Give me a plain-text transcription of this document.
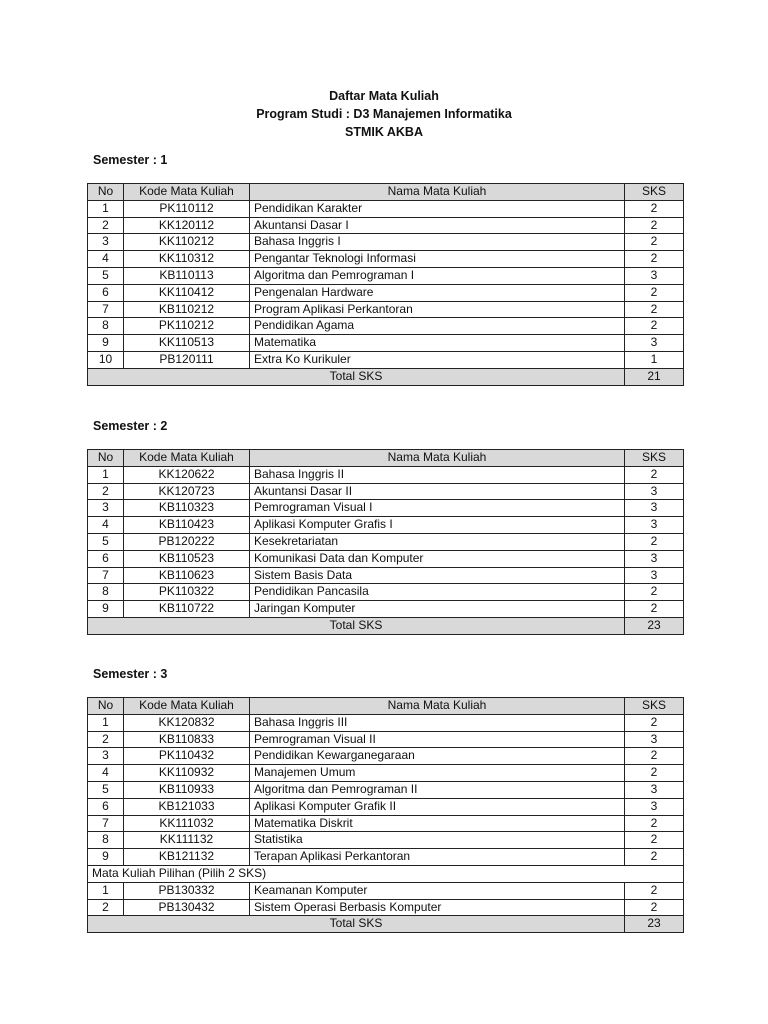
Daftar Mata Kuliah
Program Studi : D3 Manajemen Informatika
STMIK AKBA
Semester : 1
No	Kode Mata Kuliah	Nama Mata Kuliah	SKS
1	PK110112	Pendidikan Karakter	2
2	KK120112	Akuntansi Dasar I	2
3	KK110212	Bahasa Inggris I	2
4	KK110312	Pengantar Teknologi Informasi	2
5	KB110113	Algoritma dan Pemrograman I	3
6	KK110412	Pengenalan Hardware	2
7	KB110212	Program Aplikasi Perkantoran	2
8	PK110212	Pendidikan Agama	2
9	KK110513	Matematika	3
10	PB120111	Extra Ko Kurikuler	1
Total SKS			21
Semester : 2
No	Kode Mata Kuliah	Nama Mata Kuliah	SKS
1	KK120622	Bahasa Inggris II	2
2	KK120723	Akuntansi Dasar II	3
3	KB110323	Pemrograman Visual I	3
4	KB110423	Aplikasi Komputer Grafis I	3
5	PB120222	Kesekretariatan	2
6	KB110523	Komunikasi Data dan Komputer	3
7	KB110623	Sistem Basis Data	3
8	PK110322	Pendidikan Pancasila	2
9	KB110722	Jaringan Komputer	2
Total SKS			23
Semester : 3
No	Kode Mata Kuliah	Nama Mata Kuliah	SKS
1	KK120832	Bahasa Inggris III	2
2	KB110833	Pemrograman Visual II	3
3	PK110432	Pendidikan Kewarganegaraan	2
4	KK110932	Manajemen Umum	2
5	KB110933	Algoritma dan Pemrograman II	3
6	KB121033	Aplikasi Komputer Grafik II	3
7	KK111032	Matematika Diskrit	2
8	KK111132	Statistika	2
9	KB121132	Terapan Aplikasi Perkantoran	2
Mata Kuliah Pilihan (Pilih 2 SKS)			
1	PB130332	Keamanan Komputer	2
2	PB130432	Sistem Operasi Berbasis Komputer	2
Total SKS			23
